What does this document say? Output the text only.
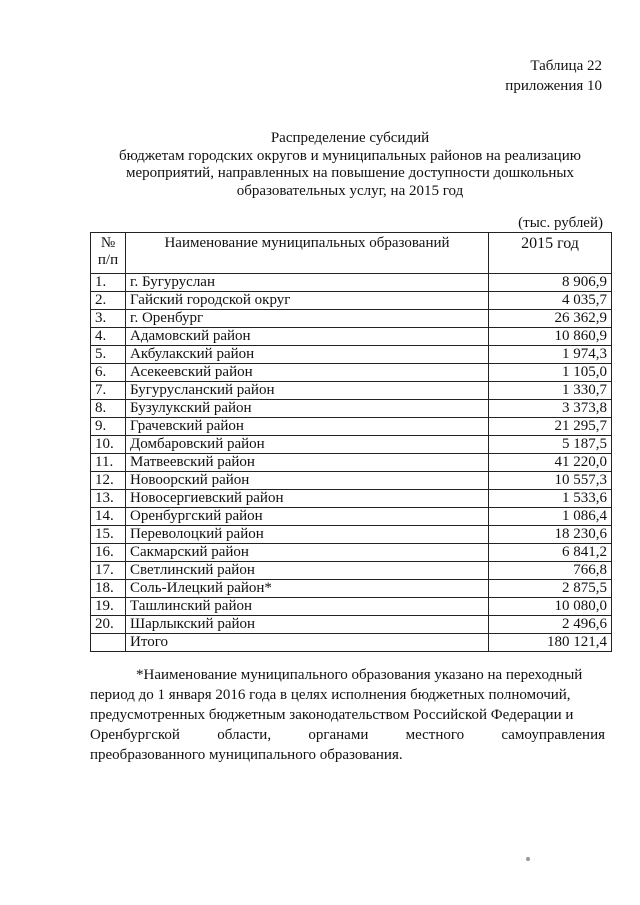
Таблица 22
приложения 10
Распределение субсидий
бюджетам городских округов и муниципальных районов на реализацию
мероприятий, направленных на повышение доступности дошкольных
образовательных услуг, на 2015 год
(тыс. рублей)
№ п/п	Наименование муниципальных образований	2015 год
1.	г. Бугуруслан	8 906,9
2.	Гайский городской округ	4 035,7
3.	г. Оренбург	26 362,9
4.	Адамовский район	10 860,9
5.	Акбулакский район	1 974,3
6.	Асекеевский район	1 105,0
7.	Бугурусланский район	1 330,7
8.	Бузулукский район	3 373,8
9.	Грачевский район	21 295,7
10.	Домбаровский район	5 187,5
11.	Матвеевский район	41 220,0
12.	Новоорский район	10 557,3
13.	Новосергиевский район	1 533,6
14.	Оренбургский район	1 086,4
15.	Переволоцкий район	18 230,6
16.	Сакмарский район	6 841,2
17.	Светлинский район	766,8
18.	Соль-Илецкий район*	2 875,5
19.	Ташлинский район	10 080,0
20.	Шарлыкский район	2 496,6
	Итого	180 121,4
*Наименование муниципального образования указано на переходный
период до 1 января 2016 года в целях исполнения бюджетных полномочий,
предусмотренных бюджетным законодательством Российской Федерации и
Оренбургской области, органами местного самоуправления
преобразованного муниципального образования.
